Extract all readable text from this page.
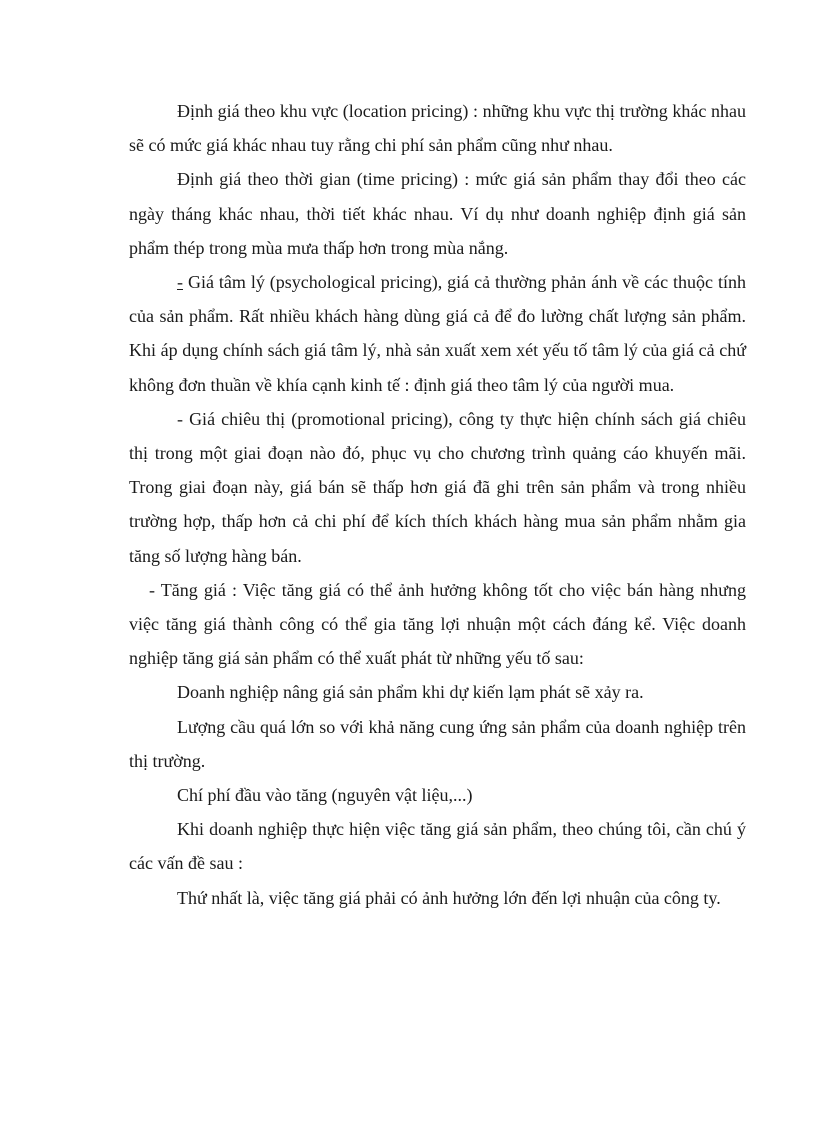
Định giá theo khu vực (location pricing) : những khu vực thị trường khác nhau sẽ có mức giá khác nhau tuy rằng chi phí sản phẩm cũng như nhau.

Định giá theo thời gian (time pricing) : mức giá sản phẩm thay đổi theo các ngày tháng khác nhau, thời tiết khác nhau. Ví dụ như doanh nghiệp định giá sản phẩm thép trong mùa mưa thấp hơn trong mùa nắng.

- Giá tâm lý (psychological pricing), giá cả thường phản ánh về các thuộc tính của sản phẩm. Rất nhiều khách hàng dùng giá cả để đo lường chất lượng sản phẩm. Khi áp dụng chính sách giá tâm lý, nhà sản xuất xem xét yếu tố tâm lý của giá cả chứ không đơn thuần về khía cạnh kinh tế : định giá theo tâm lý của người mua.

- Giá chiêu thị (promotional pricing), công ty thực hiện chính sách giá chiêu thị trong một giai đoạn nào đó, phục vụ cho chương trình quảng cáo khuyến mãi. Trong giai đoạn này, giá bán sẽ thấp hơn giá đã ghi trên sản phẩm và trong nhiều trường hợp, thấp hơn cả chi phí để kích thích khách hàng mua sản phẩm nhằm gia tăng số lượng hàng bán.

- Tăng giá : Việc tăng giá có thể ảnh hưởng không tốt cho việc bán hàng nhưng việc tăng giá thành công có thể gia tăng lợi nhuận một cách đáng kể. Việc doanh nghiệp tăng giá sản phẩm có thể xuất phát từ những yếu tố sau:

Doanh nghiệp nâng giá sản phẩm khi dự kiến lạm phát sẽ xảy ra.

Lượng cầu quá lớn so với khả năng cung ứng sản phẩm của doanh nghiệp trên thị trường.

Chí phí đầu vào tăng (nguyên vật liệu,...)

Khi doanh nghiệp thực hiện việc tăng giá sản phẩm, theo chúng tôi, cần chú ý các vấn đề sau :

Thứ nhất là, việc tăng giá phải có ảnh hưởng lớn đến lợi nhuận của công ty.
